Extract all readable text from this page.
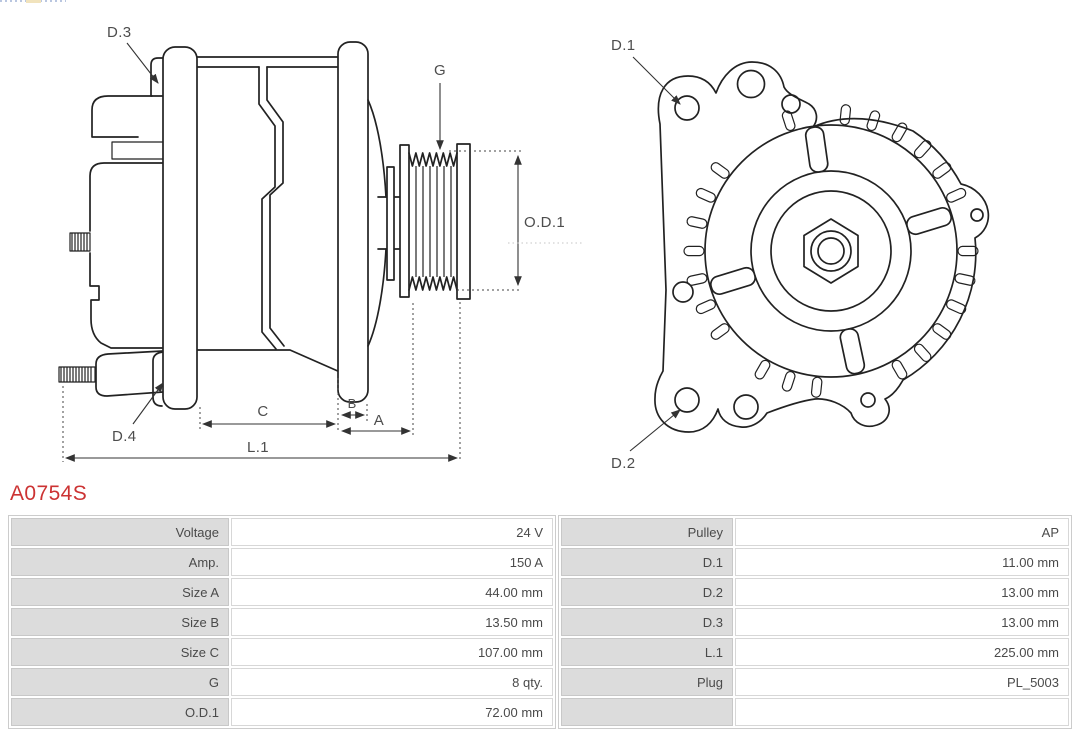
G
O.D.1
D.3
D.4
C	B
A
L.1
D.1
D.2
A0754S
Voltage	24 V
Amp.	150 A
Size A	44.00 mm
Size B	13.50 mm
Size C	107.00 mm
G	8 qty.
O.D.1	72.00 mm
Pulley	AP
D.1	11.00 mm
D.2	13.00 mm
D.3	13.00 mm
L.1	225.00 mm
Plug	PL_5003
